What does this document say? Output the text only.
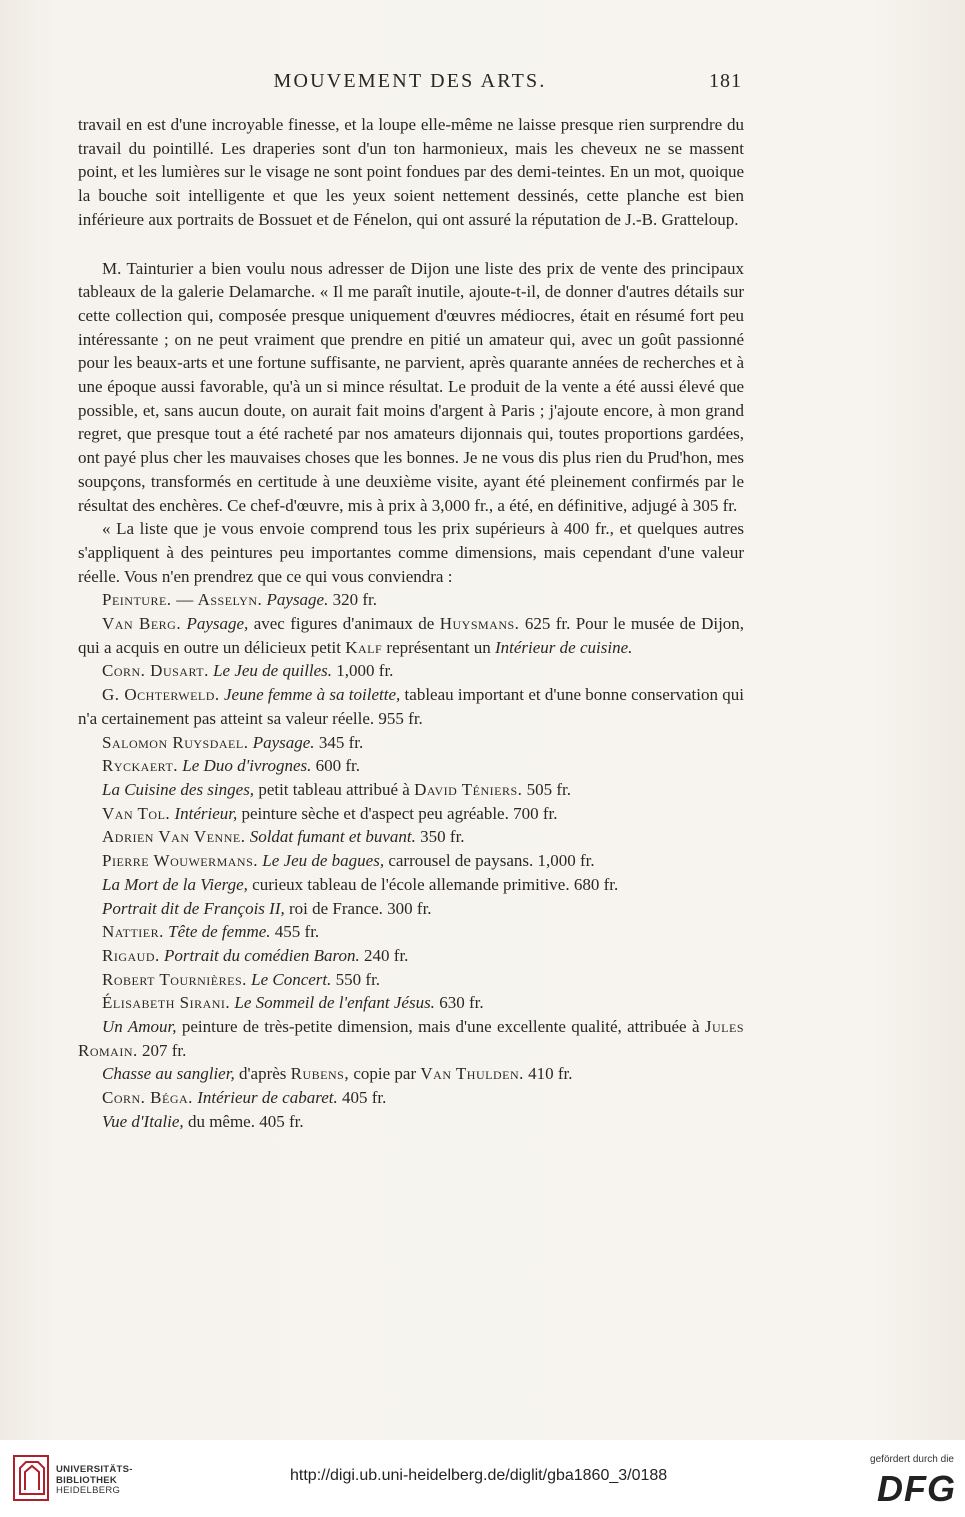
MOUVEMENT DES ARTS.	181

travail en est d'une incroyable finesse, et la loupe elle-même ne laisse presque rien surprendre du travail du pointillé. Les draperies sont d'un ton harmonieux, mais les cheveux ne se massent point, et les lumières sur le visage ne sont point fondues par des demi-teintes. En un mot, quoique la bouche soit intelligente et que les yeux soient nettement dessinés, cette planche est bien inférieure aux portraits de Bossuet et de Fénelon, qui ont assuré la réputation de J.-B. Gratteloup.

M. Tainturier a bien voulu nous adresser de Dijon une liste des prix de vente des principaux tableaux de la galerie Delamarche. « Il me paraît inutile, ajoute-t-il, de donner d'autres détails sur cette collection qui, composée presque uniquement d'œuvres médiocres, était en résumé fort peu intéressante ; on ne peut vraiment que prendre en pitié un amateur qui, avec un goût passionné pour les beaux-arts et une fortune suffisante, ne parvient, après quarante années de recherches et à une époque aussi favorable, qu'à un si mince résultat. Le produit de la vente a été aussi élevé que possible, et, sans aucun doute, on aurait fait moins d'argent à Paris ; j'ajoute encore, à mon grand regret, que presque tout a été racheté par nos amateurs dijonnais qui, toutes proportions gardées, ont payé plus cher les mauvaises choses que les bonnes. Je ne vous dis plus rien du Prud'hon, mes soupçons, transformés en certitude à une deuxième visite, ayant été pleinement confirmés par le résultat des enchères. Ce chef-d'œuvre, mis à prix à 3,000 fr., a été, en définitive, adjugé à 305 fr.

« La liste que je vous envoie comprend tous les prix supérieurs à 400 fr., et quelques autres s'appliquent à des peintures peu importantes comme dimensions, mais cependant d'une valeur réelle. Vous n'en prendrez que ce qui vous conviendra :

Peinture. — Asselyn. Paysage. 320 fr.

Van Berg. Paysage, avec figures d'animaux de Huysmans. 625 fr. Pour le musée de Dijon, qui a acquis en outre un délicieux petit Kalf représentant un Intérieur de cuisine.

Corn. Dusart. Le Jeu de quilles. 1,000 fr.

G. Ochterweld. Jeune femme à sa toilette, tableau important et d'une bonne conservation qui n'a certainement pas atteint sa valeur réelle. 955 fr.

Salomon Ruysdael. Paysage. 345 fr.

Ryckaert. Le Duo d'ivrognes. 600 fr.

La Cuisine des singes, petit tableau attribué à David Téniers. 505 fr.

Van Tol. Intérieur, peinture sèche et d'aspect peu agréable. 700 fr.

Adrien Van Venne. Soldat fumant et buvant. 350 fr.

Pierre Wouwermans. Le Jeu de bagues, carrousel de paysans. 1,000 fr.

La Mort de la Vierge, curieux tableau de l'école allemande primitive. 680 fr.

Portrait dit de François II, roi de France. 300 fr.

Nattier. Tête de femme. 455 fr.

Rigaud. Portrait du comédien Baron. 240 fr.

Robert Tournières. Le Concert. 550 fr.

Élisabeth Sirani. Le Sommeil de l'enfant Jésus. 630 fr.

Un Amour, peinture de très-petite dimension, mais d'une excellente qualité, attribuée à Jules Romain. 207 fr.

Chasse au sanglier, d'après Rubens, copie par Van Thulden. 410 fr.

Corn. Béga. Intérieur de cabaret. 405 fr.

Vue d'Italie, du même. 405 fr.

UNIVERSITÄTS-
BIBLIOTHEK
HEIDELBERG
http://digi.ub.uni-heidelberg.de/diglit/gba1860_3/0188
gefördert durch die
DFG
